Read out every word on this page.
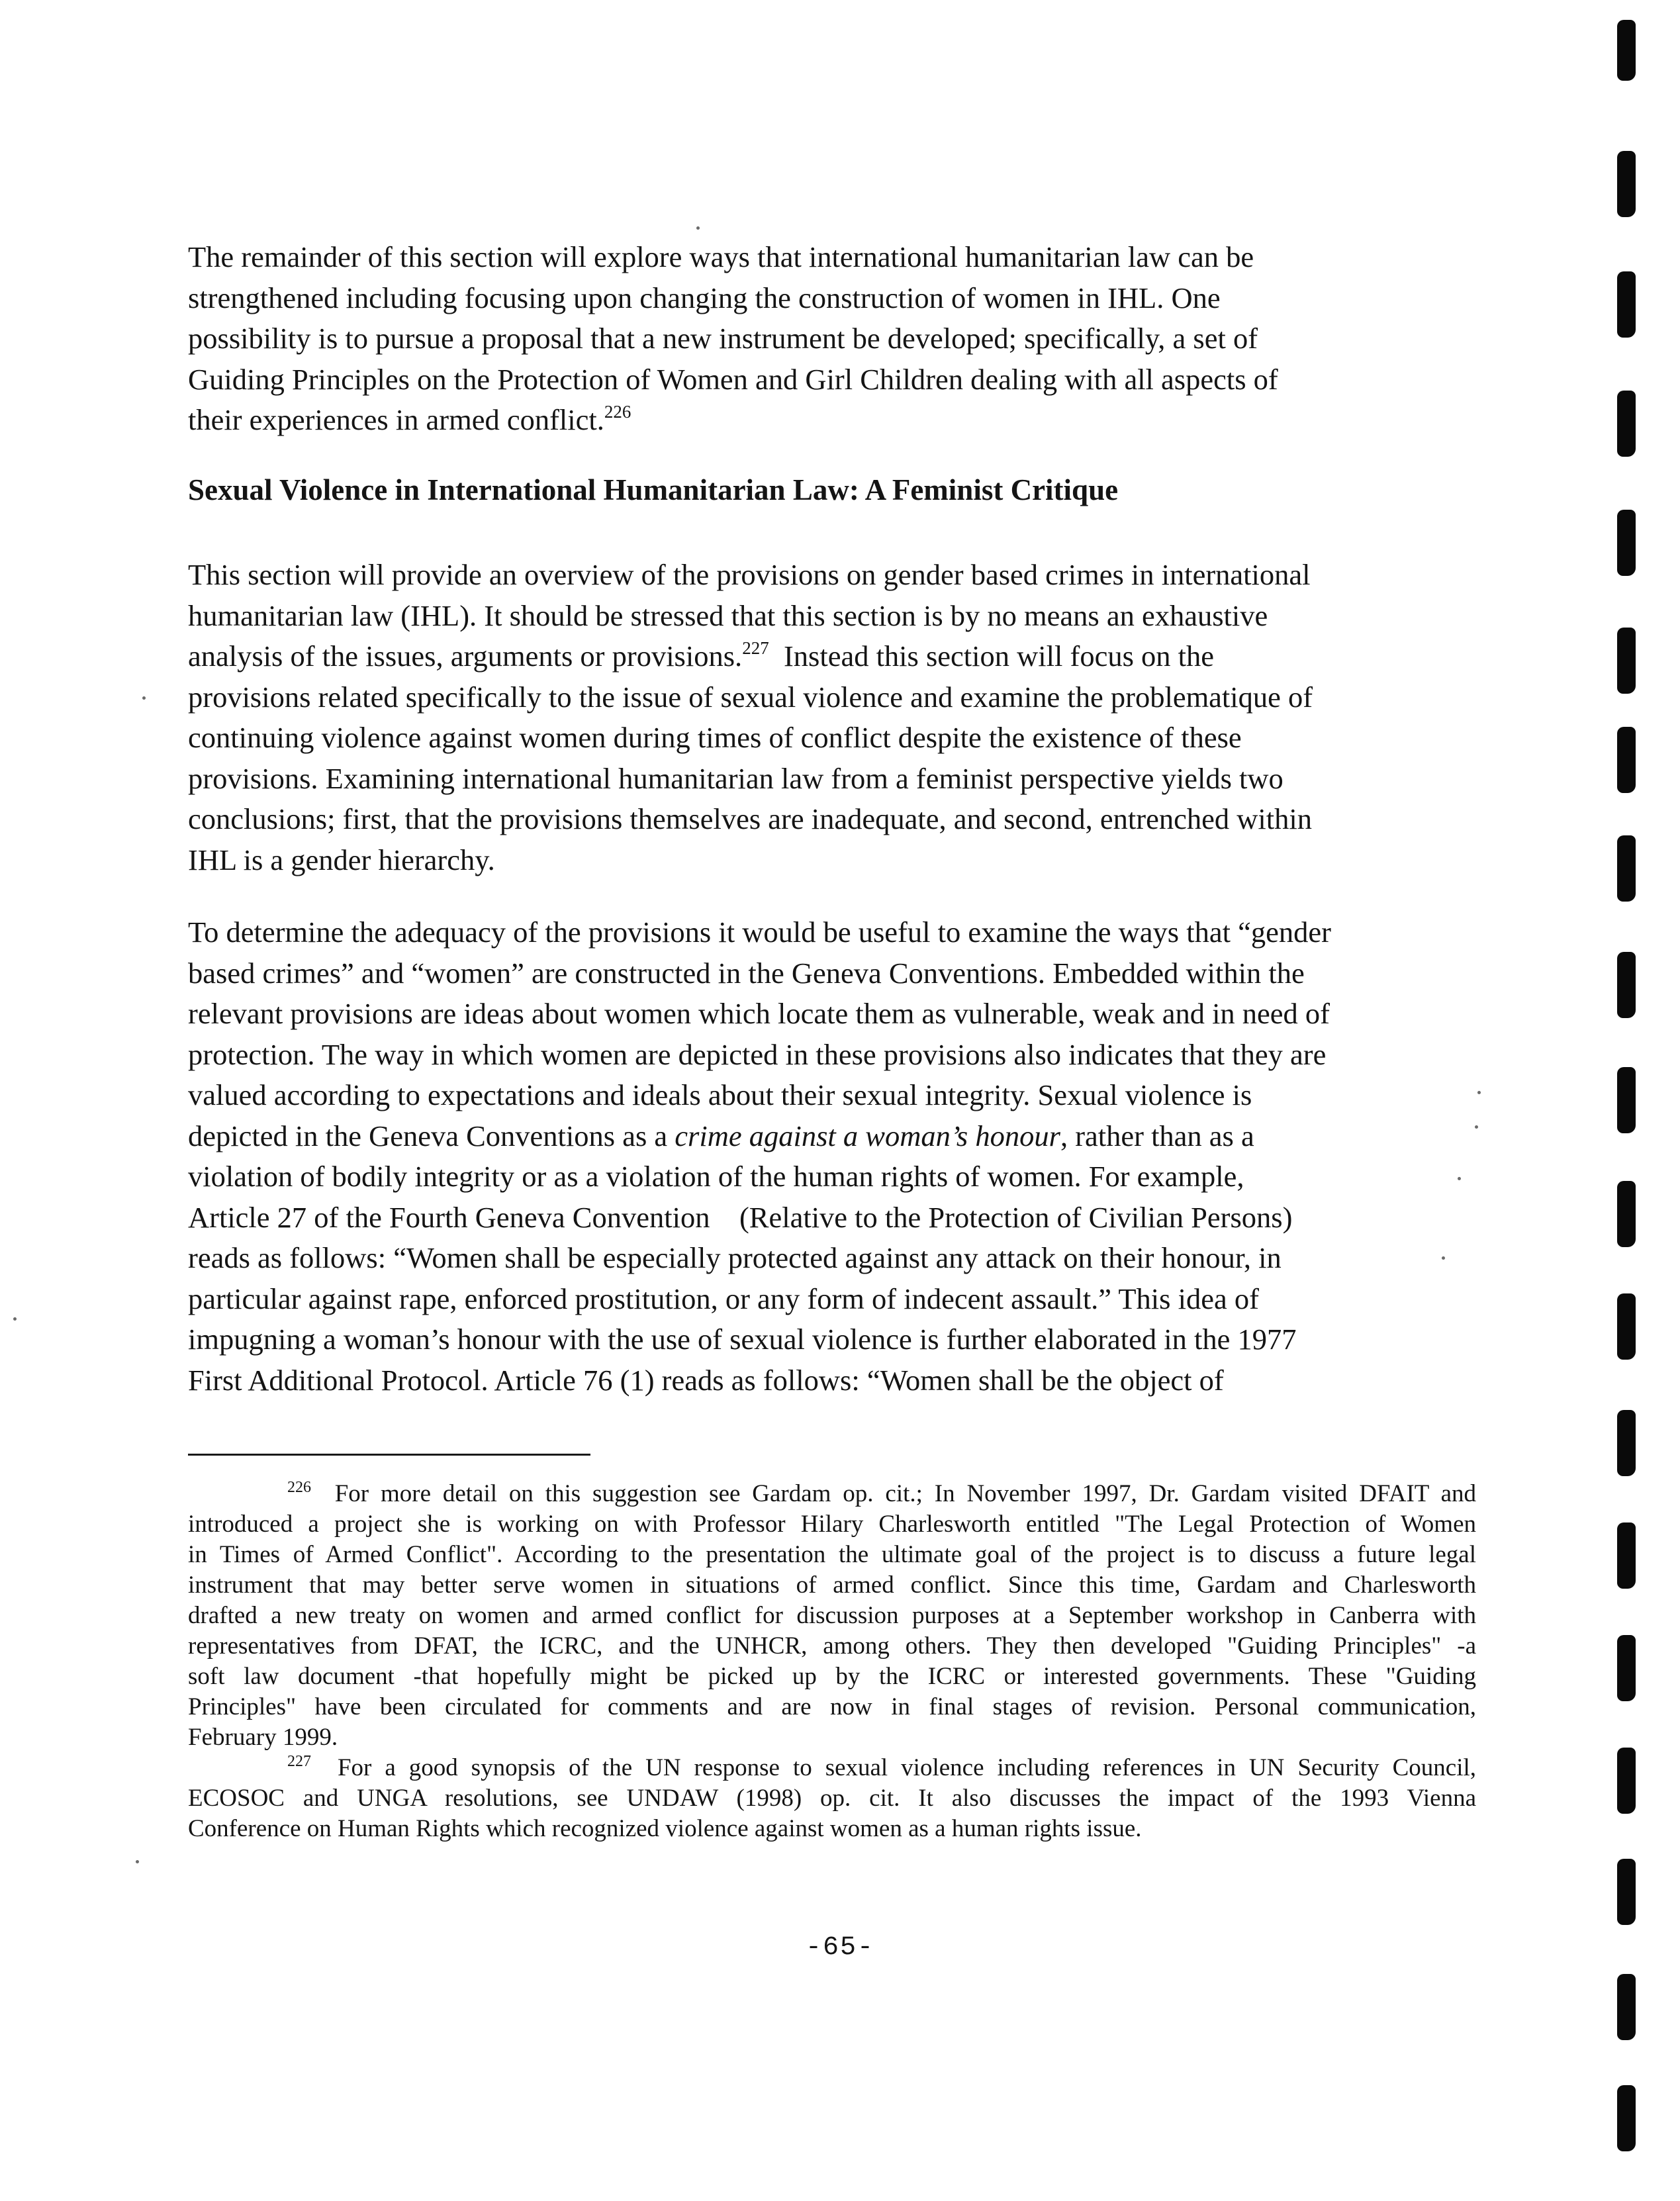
The remainder of this section will explore ways that international humanitarian law can be
strengthened including focusing upon changing the construction of women in IHL. One
possibility is to pursue a proposal that a new instrument be developed; specifically, a set of
Guiding Principles on the Protection of Women and Girl Children dealing with all aspects of
their experiences in armed conflict.$^{226}$

Sexual Violence in International Humanitarian Law: A Feminist Critique

This section will provide an overview of the provisions on gender based crimes in international
humanitarian law (IHL). It should be stressed that this section is by no means an exhaustive
analysis of the issues, arguments or provisions.$^{227}$  Instead this section will focus on the
provisions related specifically to the issue of sexual violence and examine the problematique of
continuing violence against women during times of conflict despite the existence of these
provisions. Examining international humanitarian law from a feminist perspective yields two
conclusions; first, that the provisions themselves are inadequate, and second, entrenched within
IHL is a gender hierarchy.

To determine the adequacy of the provisions it would be useful to examine the ways that “gender
based crimes” and “women” are constructed in the Geneva Conventions. Embedded within the
relevant provisions are ideas about women which locate them as vulnerable, weak and in need of
protection. The way in which women are depicted in these provisions also indicates that they are
valued according to expectations and ideals about their sexual integrity. Sexual violence is
depicted in the Geneva Conventions as a crime against a woman’s honour, rather than as a
violation of bodily integrity or as a violation of the human rights of women. For example,
Article 27 of the Fourth Geneva Convention    (Relative to the Protection of Civilian Persons)
reads as follows: “Women shall be especially protected against any attack on their honour, in
particular against rape, enforced prostitution, or any form of indecent assault.” This idea of
impugning a woman’s honour with the use of sexual violence is further elaborated in the 1977
First Additional Protocol. Article 76 (1) reads as follows: “Women shall be the object of

$^{226}$ For more detail on this suggestion see Gardam op. cit.; In November 1997, Dr. Gardam visited DFAIT and
introduced a project she is working on with Professor Hilary Charlesworth entitled "The Legal Protection of Women
in Times of Armed Conflict". According to the presentation the ultimate goal of the project is to discuss a future legal
instrument that may better serve women in situations of armed conflict. Since this time, Gardam and Charlesworth
drafted a new treaty on women and armed conflict for discussion purposes at a September workshop in Canberra with
representatives from DFAT, the ICRC, and the UNHCR, among others. They then developed "Guiding Principles" -a
soft law document -that hopefully might be picked up by the ICRC or interested governments. These "Guiding
Principles" have been circulated for comments and are now in final stages of revision. Personal communication,
February 1999.
$^{227}$ For a good synopsis of the UN response to sexual violence including references in UN Security Council,
ECOSOC and UNGA resolutions, see UNDAW (1998) op. cit. It also discusses the impact of the 1993 Vienna
Conference on Human Rights which recognized violence against women as a human rights issue.
-65-
